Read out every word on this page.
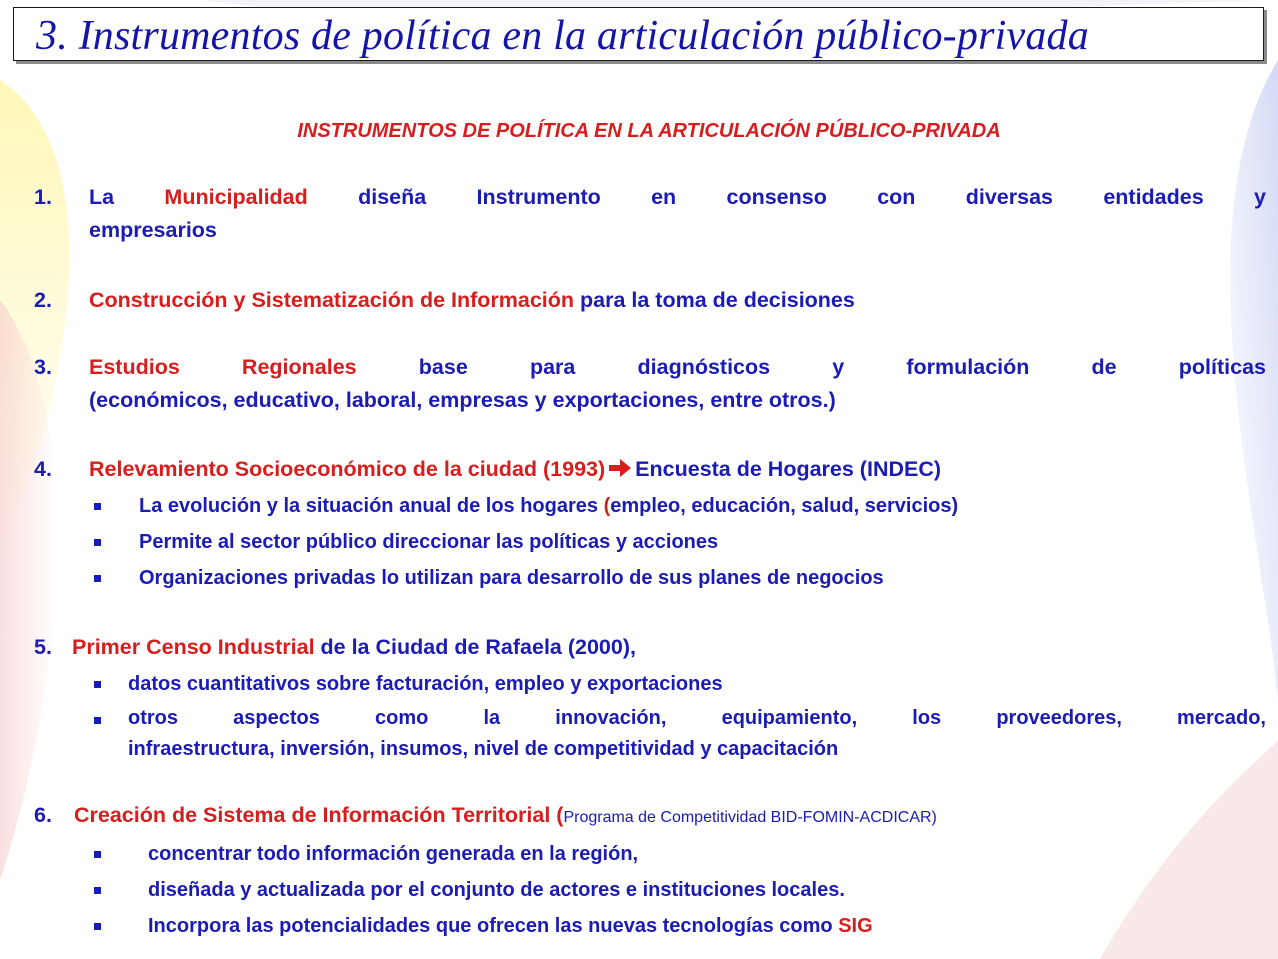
3. Instrumentos de política en la articulación público-privada
INSTRUMENTOS DE POLÍTICA EN LA ARTICULACIÓN PÚBLICO-PRIVADA
1. La Municipalidad diseña Instrumento en consenso con diversas entidades y
empresarios
2. Construcción y Sistematización de Información para la toma de decisiones
3. Estudios Regionales base para diagnósticos y formulación de políticas
(económicos, educativo, laboral, empresas y exportaciones, entre otros.)
4. Relevamiento Socioeconómico de la ciudad (1993) Encuesta de Hogares (INDEC)
La evolución y la situación anual de los hogares (empleo, educación, salud, servicios)
Permite al sector público direccionar las políticas y acciones
Organizaciones privadas lo utilizan para desarrollo de sus planes de negocios
5. Primer Censo Industrial de la Ciudad de Rafaela (2000),
datos cuantitativos sobre facturación, empleo y exportaciones
otros aspectos como la innovación, equipamiento, los proveedores, mercado,
infraestructura, inversión, insumos, nivel de competitividad y capacitación
6. Creación de Sistema de Información Territorial (Programa de Competitividad BID-FOMIN-ACDICAR)
concentrar todo información generada en la región,
diseñada y actualizada por el conjunto de actores e instituciones locales.
Incorpora las potencialidades que ofrecen las nuevas tecnologías como SIG
